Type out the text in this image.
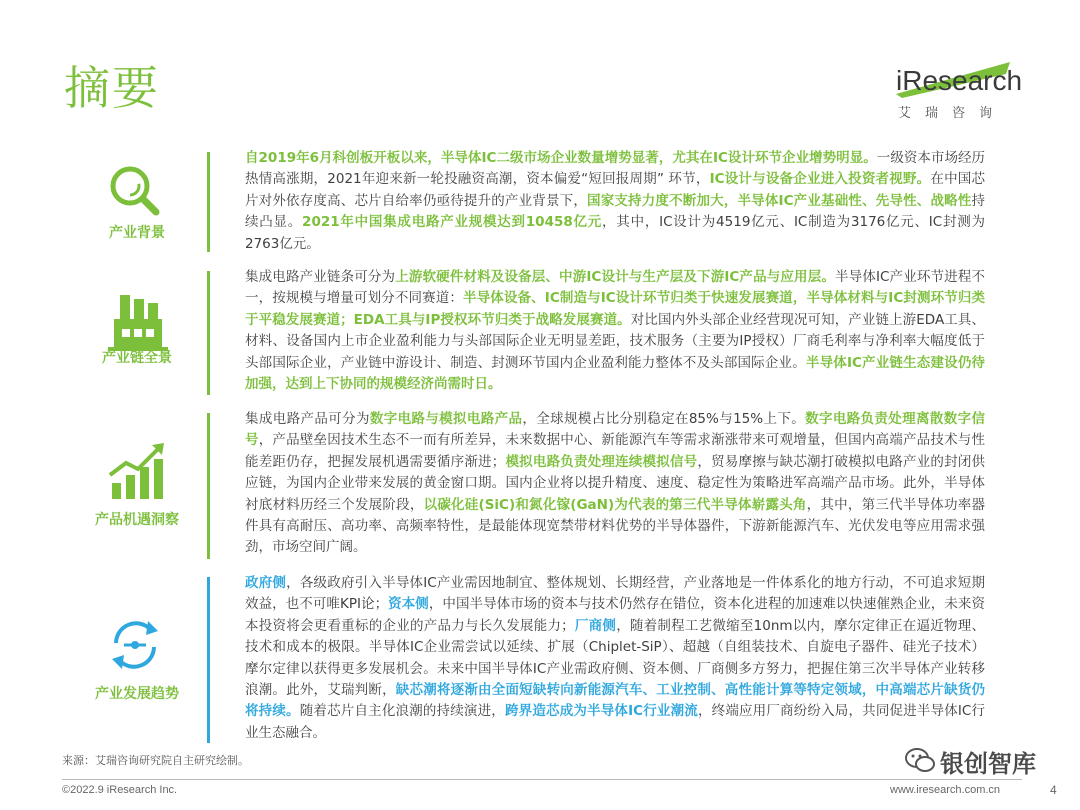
摘要	iResearch
艾瑞咨询
产业背景
自2019年6月科创板开板以来，半导体IC二级市场企业数量增势显著，尤其在IC设计环节企业增势明显。一级资本市场经历热情高涨期，2021年迎来新一轮投融资高潮，资本偏爱“短回报周期” 环节，IC设计与设备企业进入投资者视野。在中国芯片对外依存度高、芯片自给率仍亟待提升的产业背景下，国家支持力度不断加大，半导体IC产业基础性、先导性、战略性持续凸显。2021年中国集成电路产业规模达到10458亿元，其中，IC设计为4519亿元、IC制造为3176亿元、IC封测为2763亿元。
产业链全景
集成电路产业链条可分为上游软硬件材料及设备层、中游IC设计与生产层及下游IC产品与应用层。半导体IC产业环节进程不一，按规模与增量可划分不同赛道：半导体设备、IC制造与IC设计环节归类于快速发展赛道，半导体材料与IC封测环节归类于平稳发展赛道；EDA工具与IP授权环节归类于战略发展赛道。对比国内外头部企业经营现况可知，产业链上游EDA工具、材料、设备国内上市企业盈利能力与头部国际企业无明显差距，技术服务（主要为IP授权）厂商毛利率与净利率大幅度低于头部国际企业，产业链中游设计、制造、封测环节国内企业盈利能力整体不及头部国际企业。半导体IC产业链生态建设仍待加强，达到上下协同的规模经济尚需时日。
产品机遇洞察
集成电路产品可分为数字电路与模拟电路产品，全球规模占比分别稳定在85%与15%上下。数字电路负责处理离散数字信号，产品壁垒因技术生态不一而有所差异，未来数据中心、新能源汽车等需求渐涨带来可观增量，但国内高端产品技术与性能差距仍存，把握发展机遇需要循序渐进；模拟电路负责处理连续模拟信号，贸易摩擦与缺芯潮打破模拟电路产业的封闭供应链，为国内企业带来发展的黄金窗口期。国内企业将以提升精度、速度、稳定性为策略进军高端产品市场。此外，半导体衬底材料历经三个发展阶段，以碳化硅(SiC)和氮化镓(GaN)为代表的第三代半导体崭露头角，其中，第三代半导体功率器件具有高耐压、高功率、高频率特性，是最能体现宽禁带材料优势的半导体器件，下游新能源汽车、光伏发电等应用需求强劲，市场空间广阔。
产业发展趋势
政府侧，各级政府引入半导体IC产业需因地制宜、整体规划、长期经营，产业落地是一件体系化的地方行动，不可追求短期效益，也不可唯KPI论；资本侧，中国半导体市场的资本与技术仍然存在错位，资本化进程的加速难以快速催熟企业，未来资本投资将会更看重标的企业的产品力与长久发展能力；厂商侧，随着制程工艺微缩至10nm以内，摩尔定律正在逼近物理、技术和成本的极限。半导体IC企业需尝试以延续、扩展（Chiplet-SiP）、超越（自组装技术、自旋电子器件、硅光子技术）摩尔定律以获得更多发展机会。未来中国半导体IC产业需政府侧、资本侧、厂商侧多方努力，把握住第三次半导体产业转移浪潮。此外，艾瑞判断，缺芯潮将逐渐由全面短缺转向新能源汽车、工业控制、高性能计算等特定领域，中高端芯片缺货仍将持续。随着芯片自主化浪潮的持续演进，跨界造芯成为半导体IC行业潮流，终端应用厂商纷纷入局，共同促进半导体IC行业生态融合。
来源：艾瑞咨询研究院自主研究绘制。	银创智库
©2022.9 iResearch Inc.	www.iresearch.com.cn	4
